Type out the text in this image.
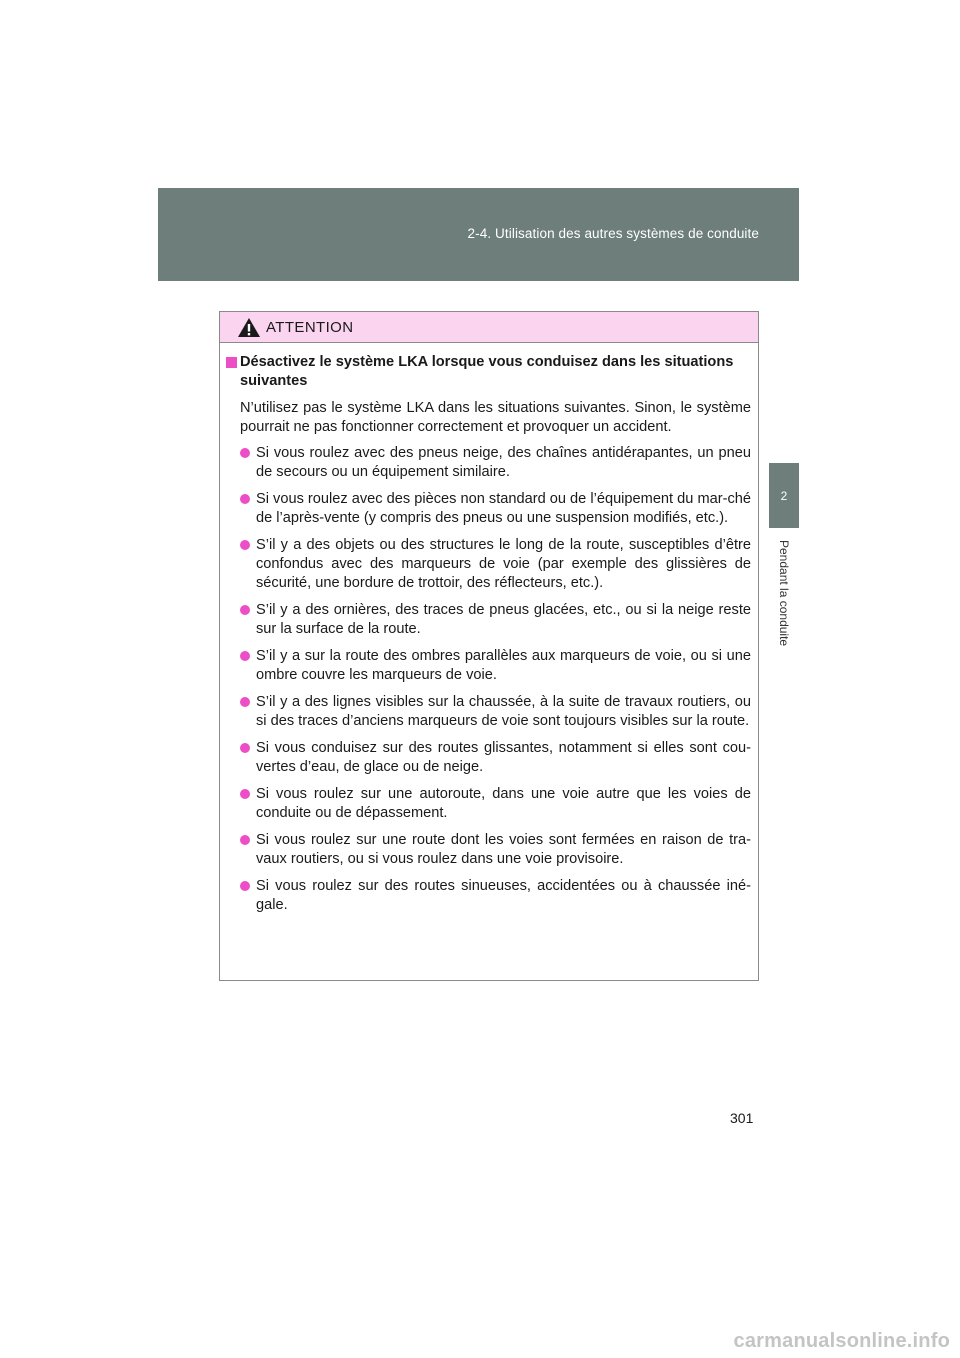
2-4. Utilisation des autres systèmes de conduite
2
Pendant la conduite
ATTENTION
Désactivez le système LKA lorsque vous conduisez dans les situations suivantes
N’utilisez pas le système LKA dans les situations suivantes. Sinon, le système pourrait ne pas fonctionner correctement et provoquer un accident.
Si vous roulez avec des pneus neige, des chaînes antidérapantes, un pneu de secours ou un équipement similaire.
Si vous roulez avec des pièces non standard ou de l’équipement du mar-ché de l’après-vente (y compris des pneus ou une suspension modifiés, etc.).
S’il y a des objets ou des structures le long de la route, susceptibles d’être confondus avec des marqueurs de voie (par exemple des glissières de sécurité, une bordure de trottoir, des réflecteurs, etc.).
S’il y a des ornières, des traces de pneus glacées, etc., ou si la neige reste sur la surface de la route.
S’il y a sur la route des ombres parallèles aux marqueurs de voie, ou si une ombre couvre les marqueurs de voie.
S’il y a des lignes visibles sur la chaussée, à la suite de travaux routiers, ou si des traces d’anciens marqueurs de voie sont toujours visibles sur la route.
Si vous conduisez sur des routes glissantes, notamment si elles sont cou-vertes d’eau, de glace ou de neige.
Si vous roulez sur une autoroute, dans une voie autre que les voies de conduite ou de dépassement.
Si vous roulez sur une route dont les voies sont fermées en raison de tra-vaux routiers, ou si vous roulez dans une voie provisoire.
Si vous roulez sur des routes sinueuses, accidentées ou à chaussée iné-gale.
301
carmanualsonline.info
